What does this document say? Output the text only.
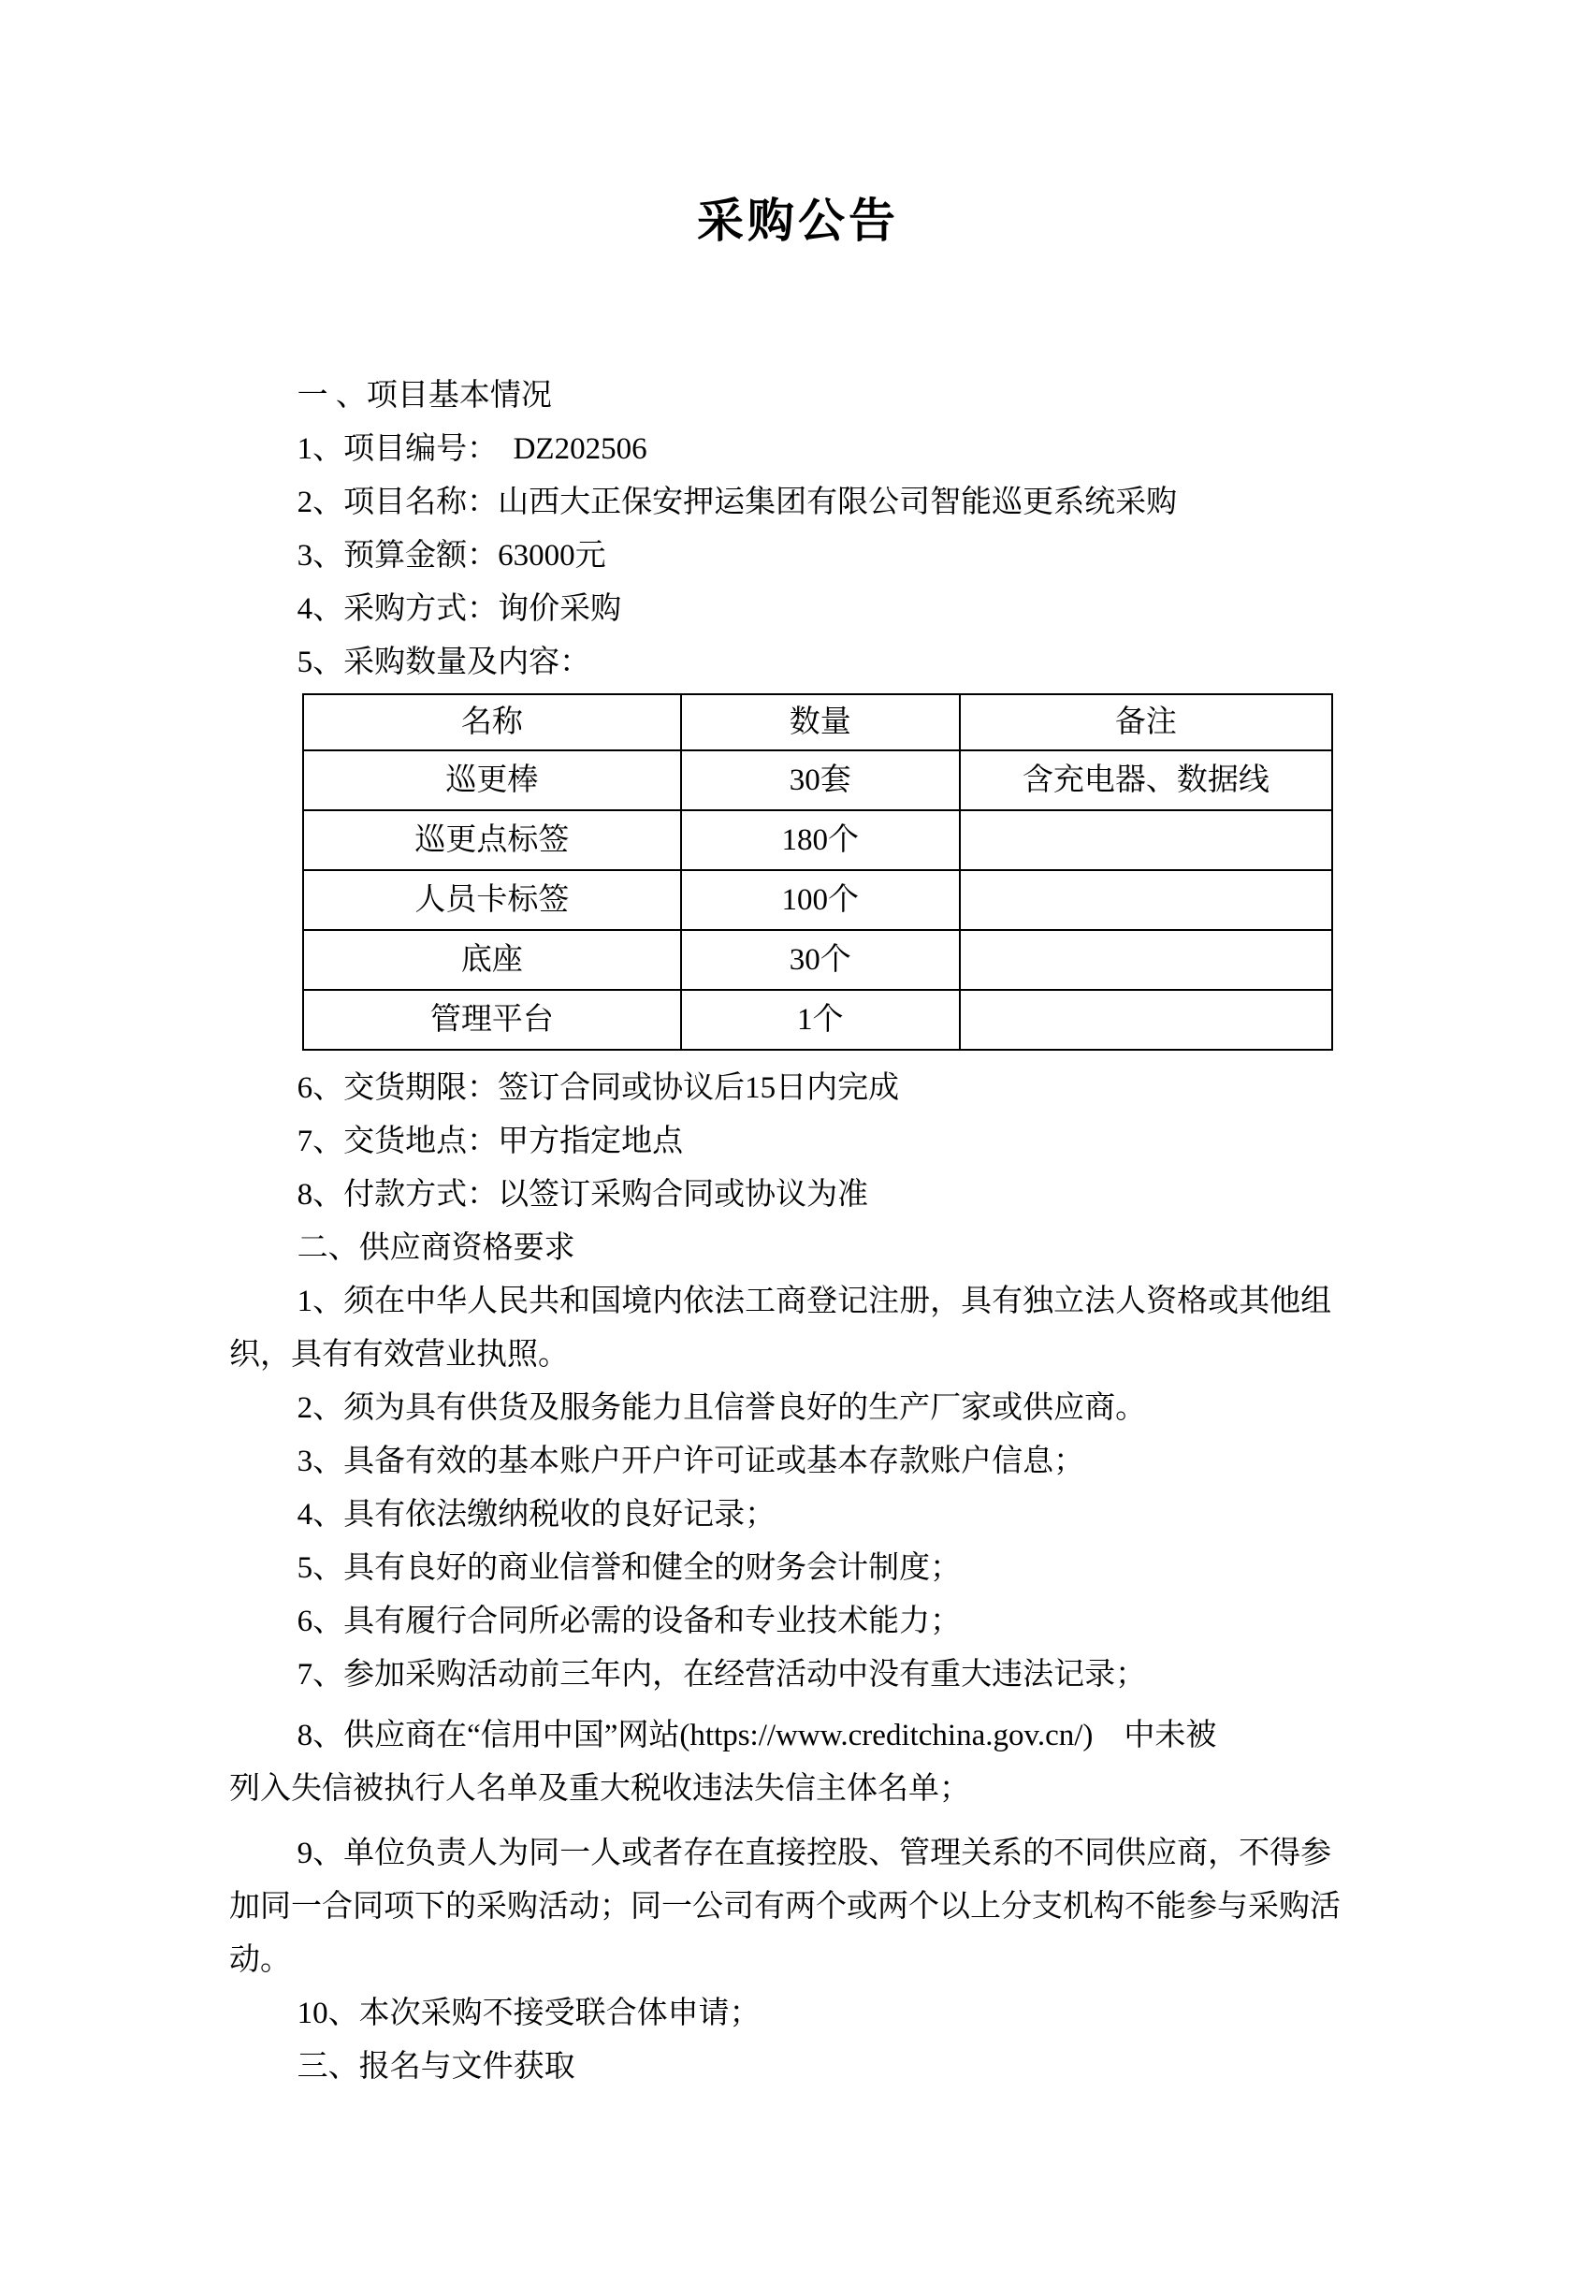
采购公告
一 、项目基本情况
1、项目编号：　DZ202506
2、项目名称：山西大正保安押运集团有限公司智能巡更系统采购
3、预算金额：63000元
4、采购方式：询价采购
5、采购数量及内容：
名称	数量	备注
巡更棒	30套	含充电器、数据线
巡更点标签	180个	
人员卡标签	100个	
底座	30个	
管理平台	1个	
6、交货期限：签订合同或协议后15日内完成
7、交货地点：甲方指定地点
8、付款方式：以签订采购合同或协议为准
二、供应商资格要求
1、须在中华人民共和国境内依法工商登记注册，具有独立法人资格或其他组
织，具有有效营业执照。
2、须为具有供货及服务能力且信誉良好的生产厂家或供应商。
3、具备有效的基本账户开户许可证或基本存款账户信息；
4、具有依法缴纳税收的良好记录；
5、具有良好的商业信誉和健全的财务会计制度；
6、具有履行合同所必需的设备和专业技术能力；
7、参加采购活动前三年内，在经营活动中没有重大违法记录；
8、供应商在“信用中国”网站(https://www.creditchina.gov.cn/)　中未被
列入失信被执行人名单及重大税收违法失信主体名单；
9、单位负责人为同一人或者存在直接控股、管理关系的不同供应商，不得参
加同一合同项下的采购活动；同一公司有两个或两个以上分支机构不能参与采购活
动。
10、本次采购不接受联合体申请；
三、报名与文件获取
